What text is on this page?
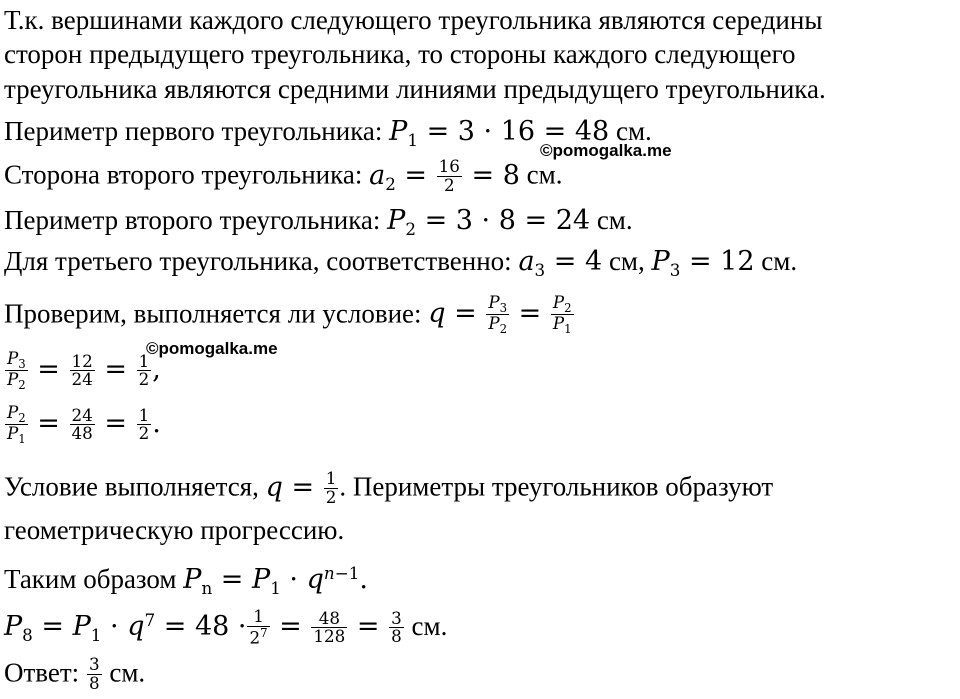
Т.к. вершинами каждого следующего треугольника являются середины
сторон предыдущего треугольника, то стороны каждого следующего
треугольника являются средними линиями предыдущего треугольника.
Периметр первого треугольника: $P_1 = 3 \cdot 16 = 48$ см.
©pomogalka.me
Сторона второго треугольника: $a_2 = \frac{16}{2} = 8$ см.
Периметр второго треугольника: $P_2 = 3 \cdot 8 = 24$ см.
Для третьего треугольника, соответственно: $a_3 = 4$ см, $P_3 = 12$ см.
Проверим, выполняется ли условие: $q = \frac{P_3}{P_2} = \frac{P_2}{P_1}$
©pomogalka.me
$\frac{P_3}{P_2} = \frac{12}{24} = \frac{1}{2}$ ,
$\frac{P_2}{P_1} = \frac{24}{48} = \frac{1}{2}$ .
Условие выполняется, $q = \frac{1}{2}$ . Периметры треугольников образуют
геометрическую прогрессию.
Таким образом $P_n = P_1 \cdot q^{n-1}$.
$P_8 = P_1 \cdot q^7 = 48 \cdot \frac{1}{2^7} = \frac{48}{128} = \frac{3}{8}$ см.
Ответ: $\frac{3}{8}$ см.
